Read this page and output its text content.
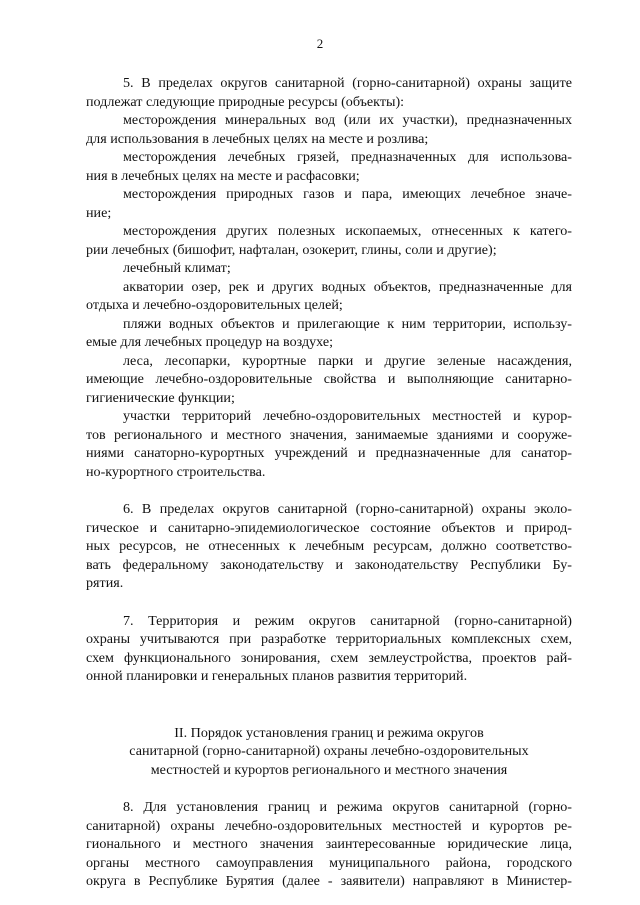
2
5. В пределах округов санитарной (горно-санитарной) охраны защите
подлежат следующие природные ресурсы (объекты):
месторождения минеральных вод (или их участки), предназначенных
для использования в лечебных целях на месте и розлива;
месторождения лечебных грязей, предназначенных для использова-
ния в лечебных целях на месте и расфасовки;
месторождения природных газов и пара, имеющих лечебное значе-
ние;
месторождения других полезных ископаемых, отнесенных к катего-
рии лечебных (бишофит, нафталан, озокерит, глины, соли и другие);
лечебный климат;
акватории озер, рек и других водных объектов, предназначенные для
отдыха и лечебно-оздоровительных целей;
пляжи водных объектов и прилегающие к ним территории, использу-
емые для лечебных процедур на воздухе;
леса, лесопарки, курортные парки и другие зеленые насаждения,
имеющие лечебно-оздоровительные свойства и выполняющие санитарно-
гигиенические функции;
участки территорий лечебно-оздоровительных местностей и курор-
тов регионального и местного значения, занимаемые зданиями и сооруже-
ниями санаторно-курортных учреждений и предназначенные для санатор-
но-курортного строительства.
6. В пределах округов санитарной (горно-санитарной) охраны эколо-
гическое и санитарно-эпидемиологическое состояние объектов и природ-
ных ресурсов, не отнесенных к лечебным ресурсам, должно соответство-
вать федеральному законодательству и законодательству Республики Бу-
рятия.
7. Территория и режим округов санитарной (горно-санитарной)
охраны учитываются при разработке территориальных комплексных схем,
схем функционального зонирования, схем землеустройства, проектов рай-
онной планировки и генеральных планов развития территорий.
II. Порядок установления границ и режима округов
санитарной (горно-санитарной) охраны лечебно-оздоровительных
местностей и курортов регионального и местного значения
8. Для установления границ и режима округов санитарной (горно-
санитарной) охраны лечебно-оздоровительных местностей и курортов ре-
гионального и местного значения заинтересованные юридические лица,
органы местного самоуправления муниципального района, городского
округа в Республике Бурятия (далее - заявители) направляют в Министер-
